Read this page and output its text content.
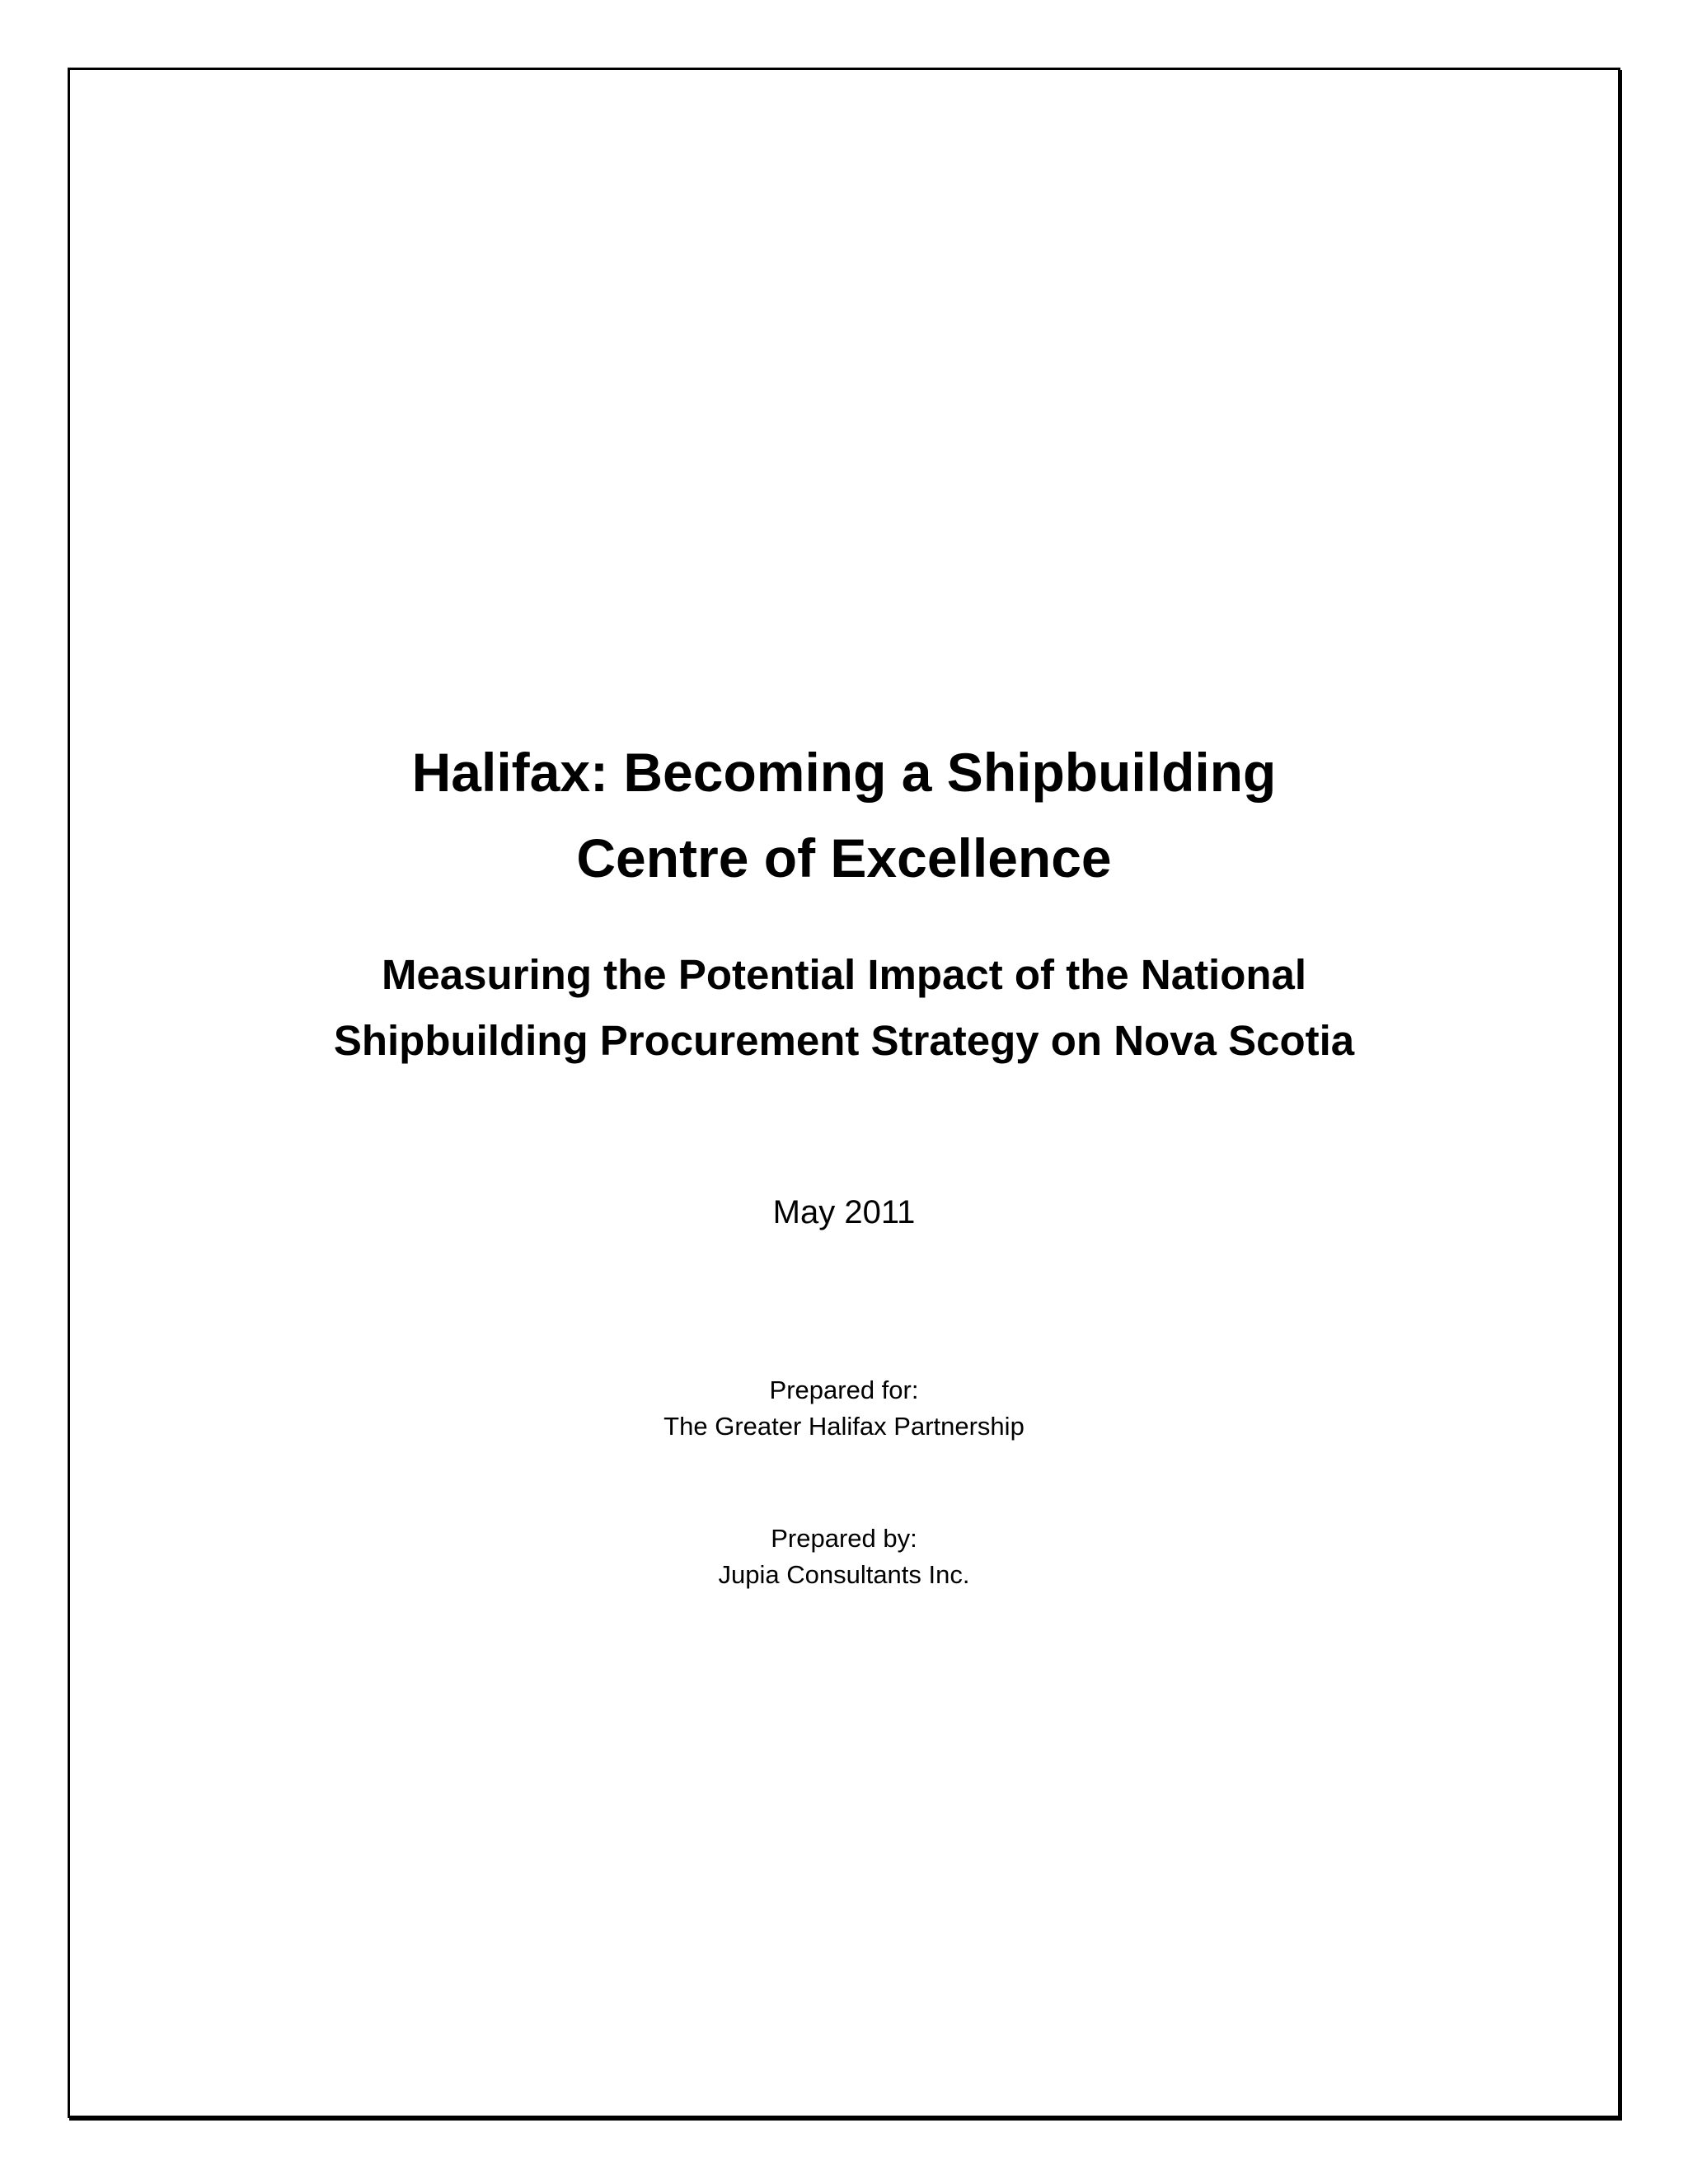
Halifax: Becoming a Shipbuilding
Centre of Excellence
Measuring the Potential Impact of the National
Shipbuilding Procurement Strategy on Nova Scotia
May 2011
Prepared for:
The Greater Halifax Partnership
Prepared by:
Jupia Consultants Inc.
